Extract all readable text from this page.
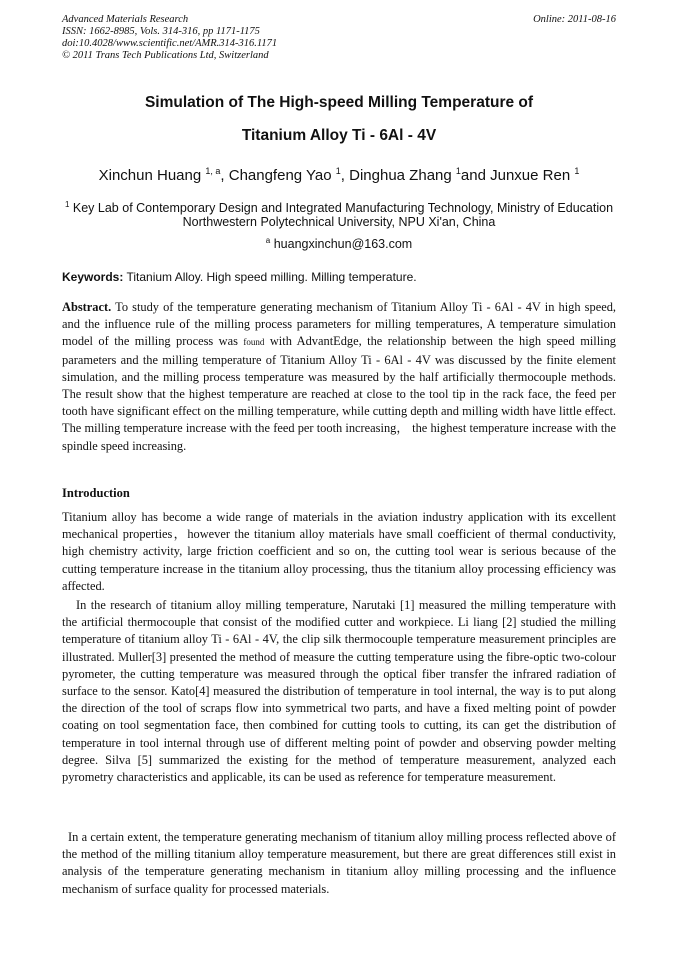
Advanced Materials Research
ISSN: 1662-8985, Vols. 314-316, pp 1171-1175
doi:10.4028/www.scientific.net/AMR.314-316.1171
© 2011 Trans Tech Publications Ltd, Switzerland
Online: 2011-08-16
Simulation of The High-speed Milling Temperature of
Titanium Alloy Ti - 6Al - 4V
Xinchun Huang $^{1, a}$, Changfeng Yao $^1$, Dinghua Zhang $^1$and Junxue Ren $^1$
$^1$ Key Lab of Contemporary Design and Integrated Manufacturing Technology, Ministry of Education
Northwestern Polytechnical University, NPU Xi'an, China
$^a$ huangxinchun@163.com
Keywords: Titanium Alloy. High speed milling. Milling temperature.
Abstract. To study of the temperature generating mechanism of Titanium Alloy Ti - 6Al - 4V in high speed, and the influence rule of the milling process parameters for milling temperatures, A temperature simulation model of the milling process was found with AdvantEdge, the relationship between the high speed milling parameters and the milling temperature of Titanium Alloy Ti - 6Al - 4V was discussed by the finite element simulation, and the milling process temperature was measured by the half artificially thermocouple methods. The result show that the highest temperature are reached at close to the tool tip in the rack face, the feed per tooth have significant effect on the milling temperature, while cutting depth and milling width have little effect. The milling temperature increase with the feed per tooth increasing， the highest temperature increase with the spindle speed increasing.
Introduction
Titanium alloy has become a wide range of materials in the aviation industry application with its excellent mechanical properties，however the titanium alloy materials have small coefficient of thermal conductivity, high chemistry activity, large friction coefficient and so on, the cutting tool wear is serious because of the cutting temperature increase in the titanium alloy processing, thus the titanium alloy processing efficiency was affected.
In the research of titanium alloy milling temperature, Narutaki [1] measured the milling temperature with the artificial thermocouple that consist of the modified cutter and workpiece. Li liang [2] studied the milling temperature of titanium alloy Ti - 6Al - 4V, the clip silk thermocouple temperature measurement principles are illustrated. Muller[3] presented the method of measure the cutting temperature using the fibre-optic two-colour pyrometer, the cutting temperature was measured through the optical fiber transfer the infrared radiation of surface to the sensor. Kato[4] measured the distribution of temperature in tool internal, the way is to put along the direction of the tool of scraps flow into symmetrical two parts, and have a fixed melting point of powder coating on tool segmentation face, then combined for cutting tools to cutting, its can get the distribution of temperature in tool internal through use of different melting point of powder and observing powder melting degree. Silva [5] summarized the existing for the method of temperature measurement, analyzed each pyrometry characteristics and applicable, its can be used as reference for temperature measurement.
In a certain extent, the temperature generating mechanism of titanium alloy milling process reflected above of the method of the milling titanium alloy temperature measurement, but there are great differences still exist in analysis of the temperature generating mechanism in titanium alloy milling processing and the influence mechanism of surface quality for processed materials.
